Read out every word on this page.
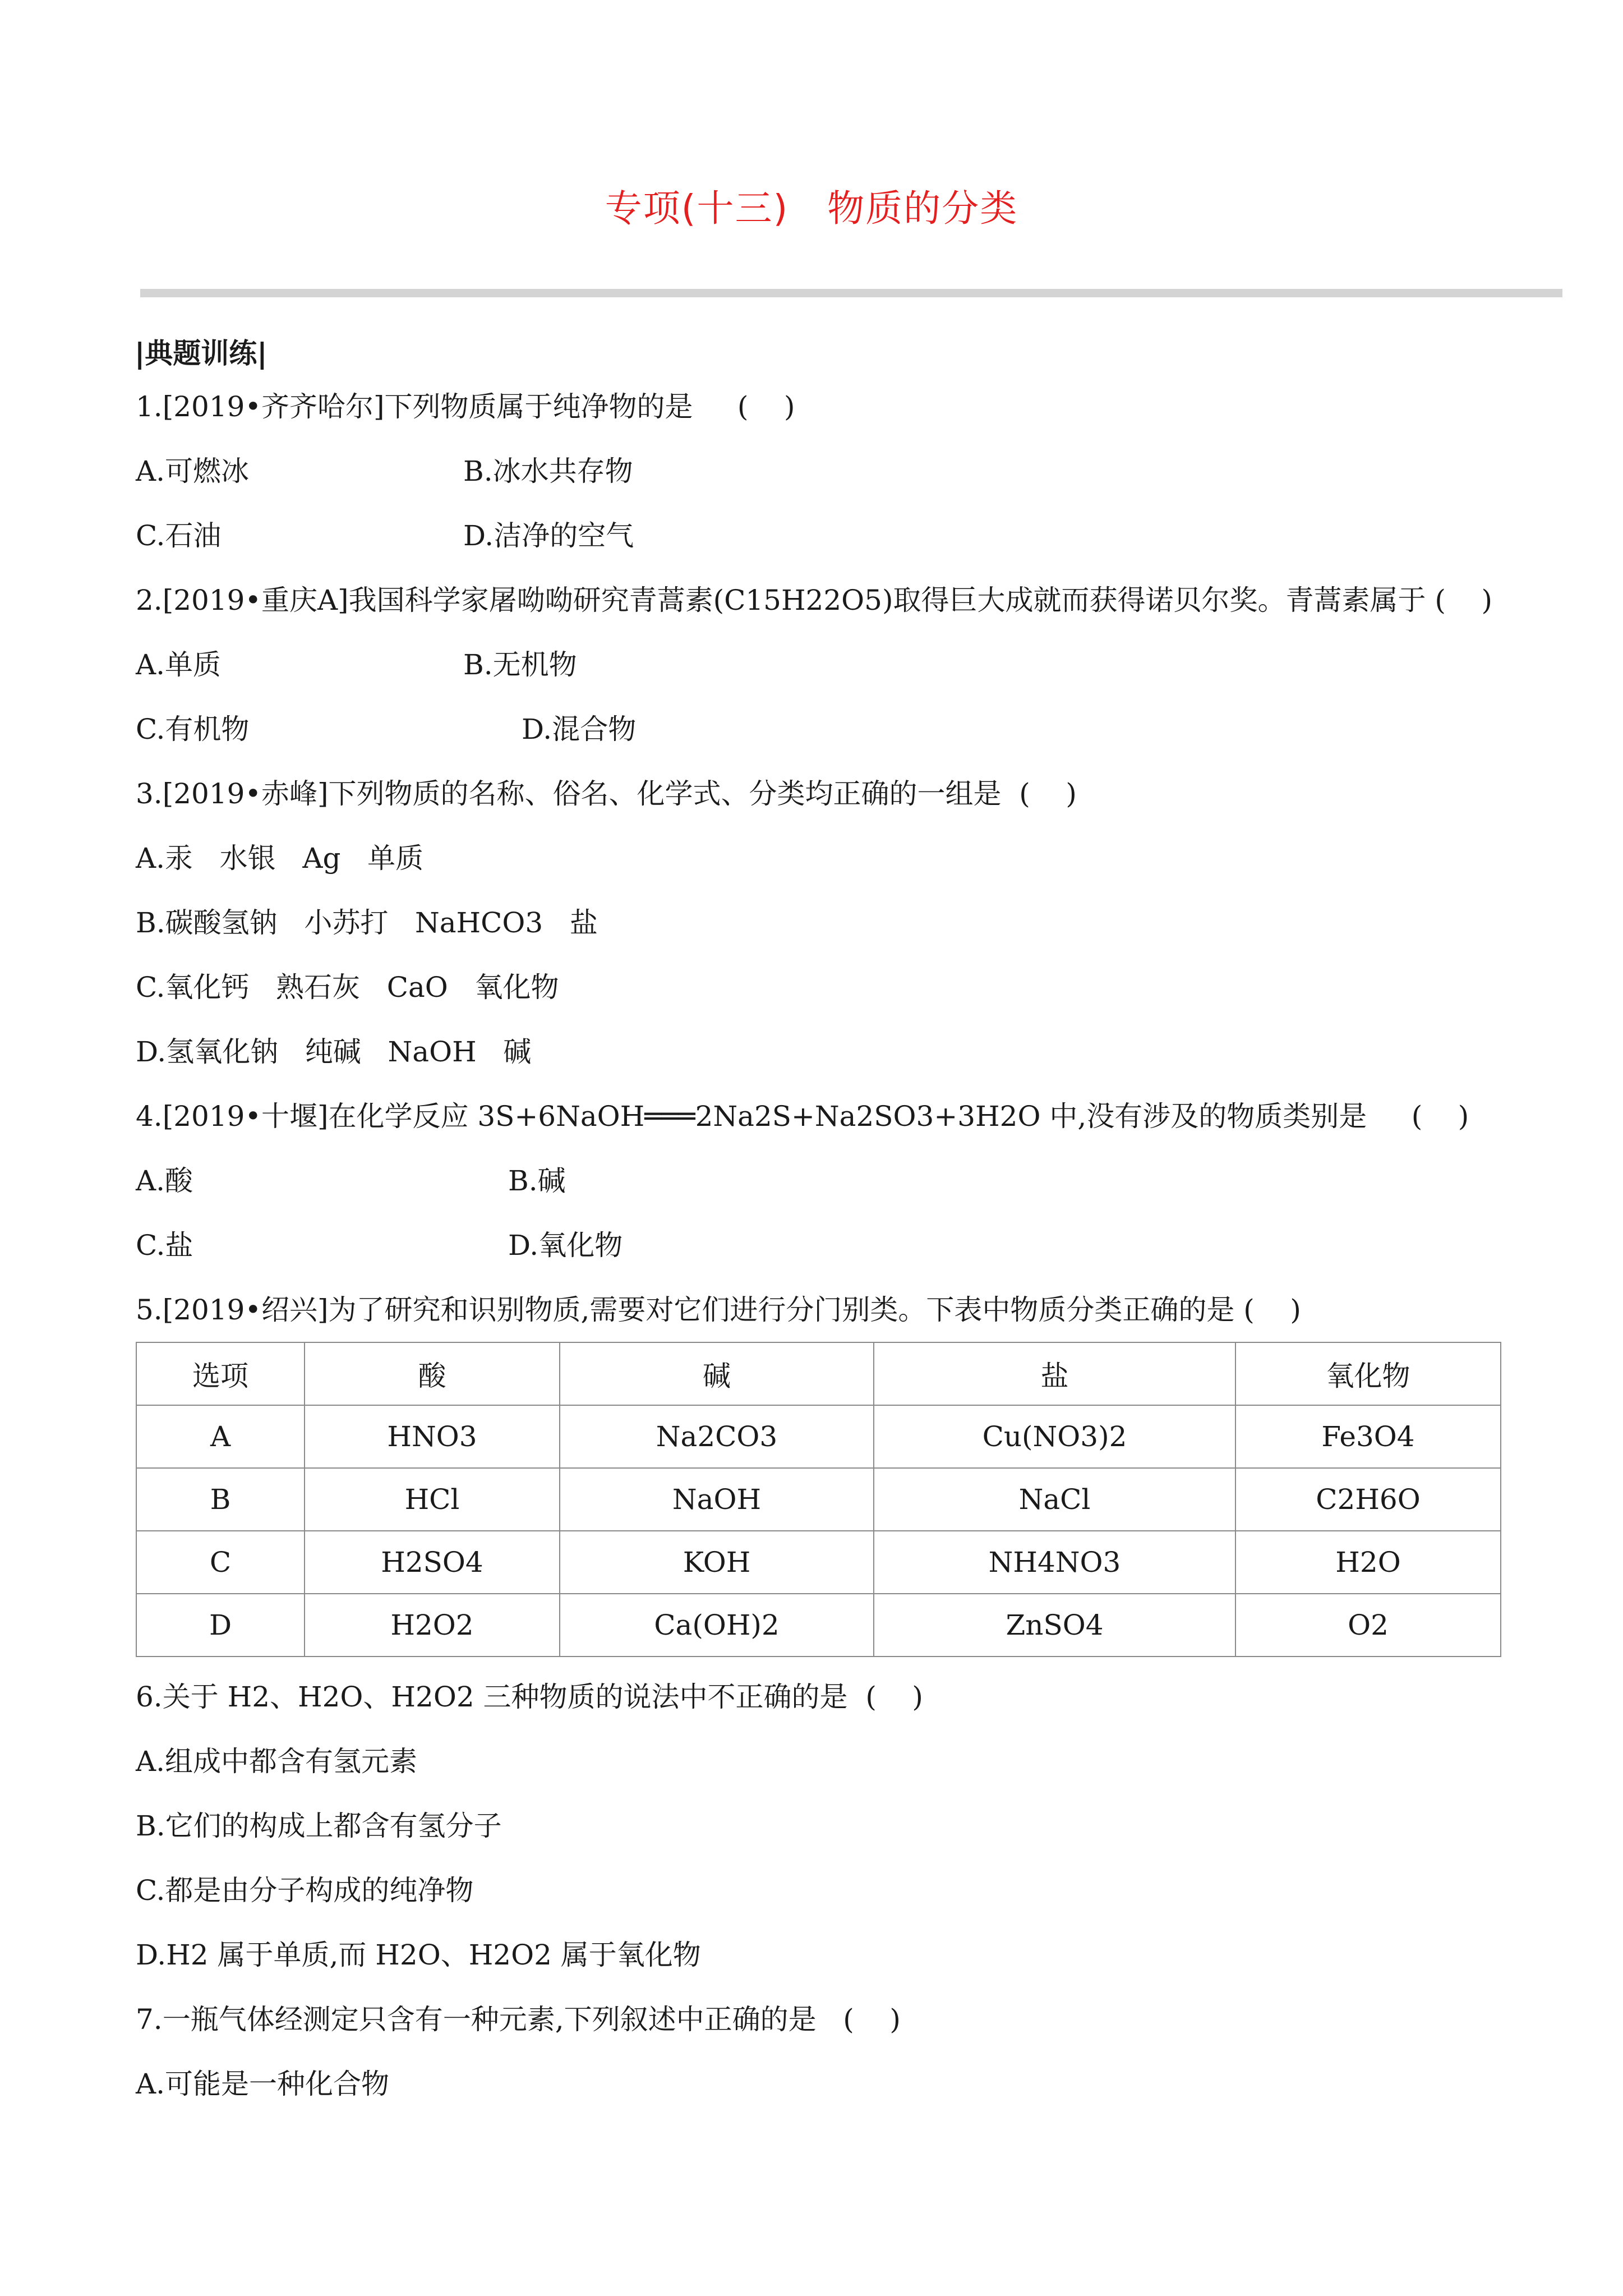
专项(十三)   物质的分类
|典题训练|
1.[2019•齐齐哈尔]下列物质属于纯净物的是     (    )
A.可燃冰	B.冰水共存物
C.石油	D.洁净的空气
2.[2019•重庆A]我国科学家屠呦呦研究青蒿素(C15H22O5)取得巨大成就而获得诺贝尔奖。青蒿素属于 (    )
A.单质	B.无机物
C.有机物	D.混合物
3.[2019•赤峰]下列物质的名称、俗名、化学式、分类均正确的一组是  (    )
A.汞   水银   Ag   单质
B.碳酸氢钠   小苏打   NaHCO3   盐
C.氧化钙   熟石灰   CaO   氧化物
D.氢氧化钠   纯碱   NaOH   碱
4.[2019•十堰]在化学反应 3S+6NaOH═══2Na2S+Na2SO3+3H2O 中,没有涉及的物质类别是     (    )
A.酸	B.碱
C.盐	D.氧化物
5.[2019•绍兴]为了研究和识别物质,需要对它们进行分门别类。下表中物质分类正确的是 (    )
选项	酸	碱	盐	氧化物
A	HNO3	Na2CO3	Cu(NO3)2	Fe3O4
B	HCl	NaOH	NaCl	C2H6O
C	H2SO4	KOH	NH4NO3	H2O
D	H2O2	Ca(OH)2	ZnSO4	O2
6.关于 H2、H2O、H2O2 三种物质的说法中不正确的是  (    )
A.组成中都含有氢元素
B.它们的构成上都含有氢分子
C.都是由分子构成的纯净物
D.H2 属于单质,而 H2O、H2O2 属于氧化物
7.一瓶气体经测定只含有一种元素,下列叙述中正确的是   (    )
A.可能是一种化合物
